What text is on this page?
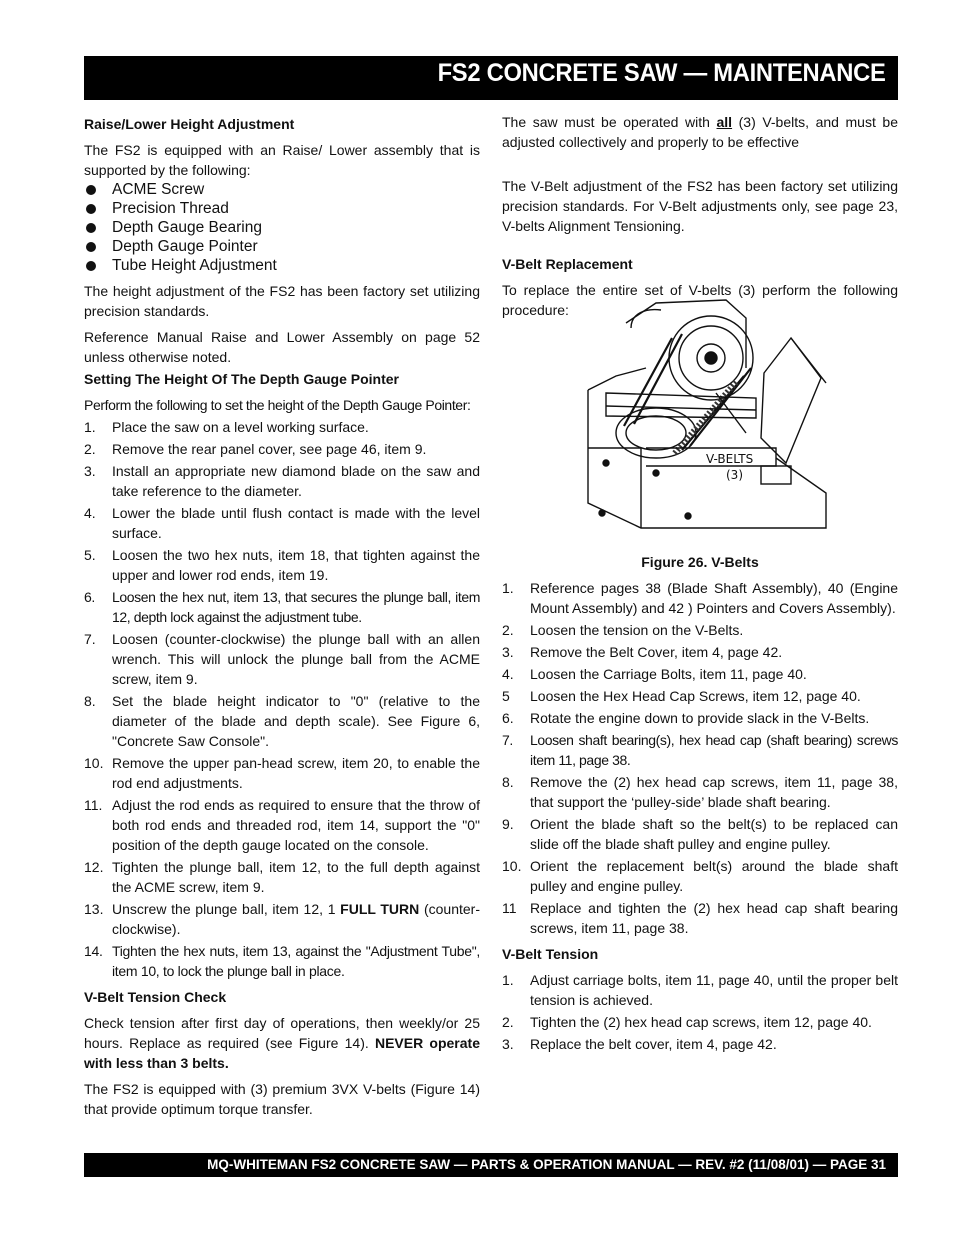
FS2 CONCRETE SAW — MAINTENANCE
Raise/Lower Height Adjustment

The FS2 is equipped with an Raise/ Lower assembly that is supported by the following:

ACME Screw
Precision Thread
Depth Gauge Bearing
Depth Gauge Pointer
Tube Height Adjustment

The height adjustment of the FS2 has been factory set utilizing precision standards.

Reference Manual Raise and Lower Assembly on page 52 unless otherwise noted.

Setting The Height Of The Depth Gauge Pointer

Perform the following to set the height of the Depth Gauge Pointer:

1. Place the saw on a level working surface.
2. Remove the rear panel cover, see page 46, item 9.
3. Install an appropriate new diamond blade on the saw and take reference to the diameter.
4. Lower the blade until flush contact is made with the level surface.
5. Loosen the two hex nuts, item 18, that tighten against the upper and lower rod ends, item 19.
6. Loosen the hex nut, item 13, that secures the plunge ball, item 12, depth lock against the adjustment tube.
7. Loosen (counter-clockwise) the plunge ball with an allen wrench. This will unlock the plunge ball from the ACME screw, item 9.
8. Set the blade height indicator to "0" (relative to the diameter of the blade and depth scale). See Figure 6, "Concrete Saw Console".
10. Remove the upper pan-head screw, item 20, to enable the rod end adjustments.
11. Adjust the rod ends as required to ensure that the throw of both rod ends and threaded rod, item 14, support the "0" position of the depth gauge located on the console.
12. Tighten the plunge ball, item 12, to the full depth against the ACME screw, item 9.
13. Unscrew the plunge ball, item 12, 1 FULL TURN (counter-clockwise).
14. Tighten the hex nuts, item 13, against the "Adjustment Tube", item 10, to lock the plunge ball in place.
V-Belt Tension Check

Check tension after first day of operations, then weekly/or 25 hours. Replace as required (see Figure 14). NEVER operate with less than 3 belts.

The FS2 is equipped with (3) premium 3VX V-belts (Figure 14) that provide optimum torque transfer.

The saw must be operated with all (3) V-belts, and must be adjusted collectively and properly to be effective

The V-Belt adjustment of the FS2 has been factory set utilizing precision standards. For V-Belt adjustments only, see page 23, V-belts Alignment Tensioning.

V-Belt Replacement

To replace the entire set of V-belts (3) perform the following procedure:

V-BELTS
(3)

Figure 26. V-Belts

1. Reference pages 38 (Blade Shaft Assembly), 40 (Engine Mount Assembly) and 42 ) Pointers and Covers Assembly).
2. Loosen the tension on the V-Belts.
3. Remove the Belt Cover, item 4, page 42.
4. Loosen the Carriage Bolts, item 11, page 40.
5 Loosen the Hex Head Cap Screws, item 12, page 40.
6. Rotate the engine down to provide slack in the V-Belts.
7. Loosen shaft bearing(s), hex head cap (shaft bearing) screws item 11, page 38.
8. Remove the (2) hex head cap screws, item 11, page 38, that support the ‘pulley-side’ blade shaft bearing.
9. Orient the blade shaft so the belt(s) to be replaced can slide off the blade shaft pulley and engine pulley.
10. Orient the replacement belt(s) around the blade shaft pulley and engine pulley.
11 Replace and tighten the (2) hex head cap shaft bearing screws, item 11, page 38.
V-Belt Tension
1. Adjust carriage bolts, item 11, page 40, until the proper belt tension is achieved.
2. Tighten the (2) hex head cap screws, item 12, page 40.
3. Replace the belt cover, item 4, page 42.
MQ-WHITEMAN FS2 CONCRETE SAW — PARTS & OPERATION MANUAL — REV. #2 (11/08/01) — PAGE 31
